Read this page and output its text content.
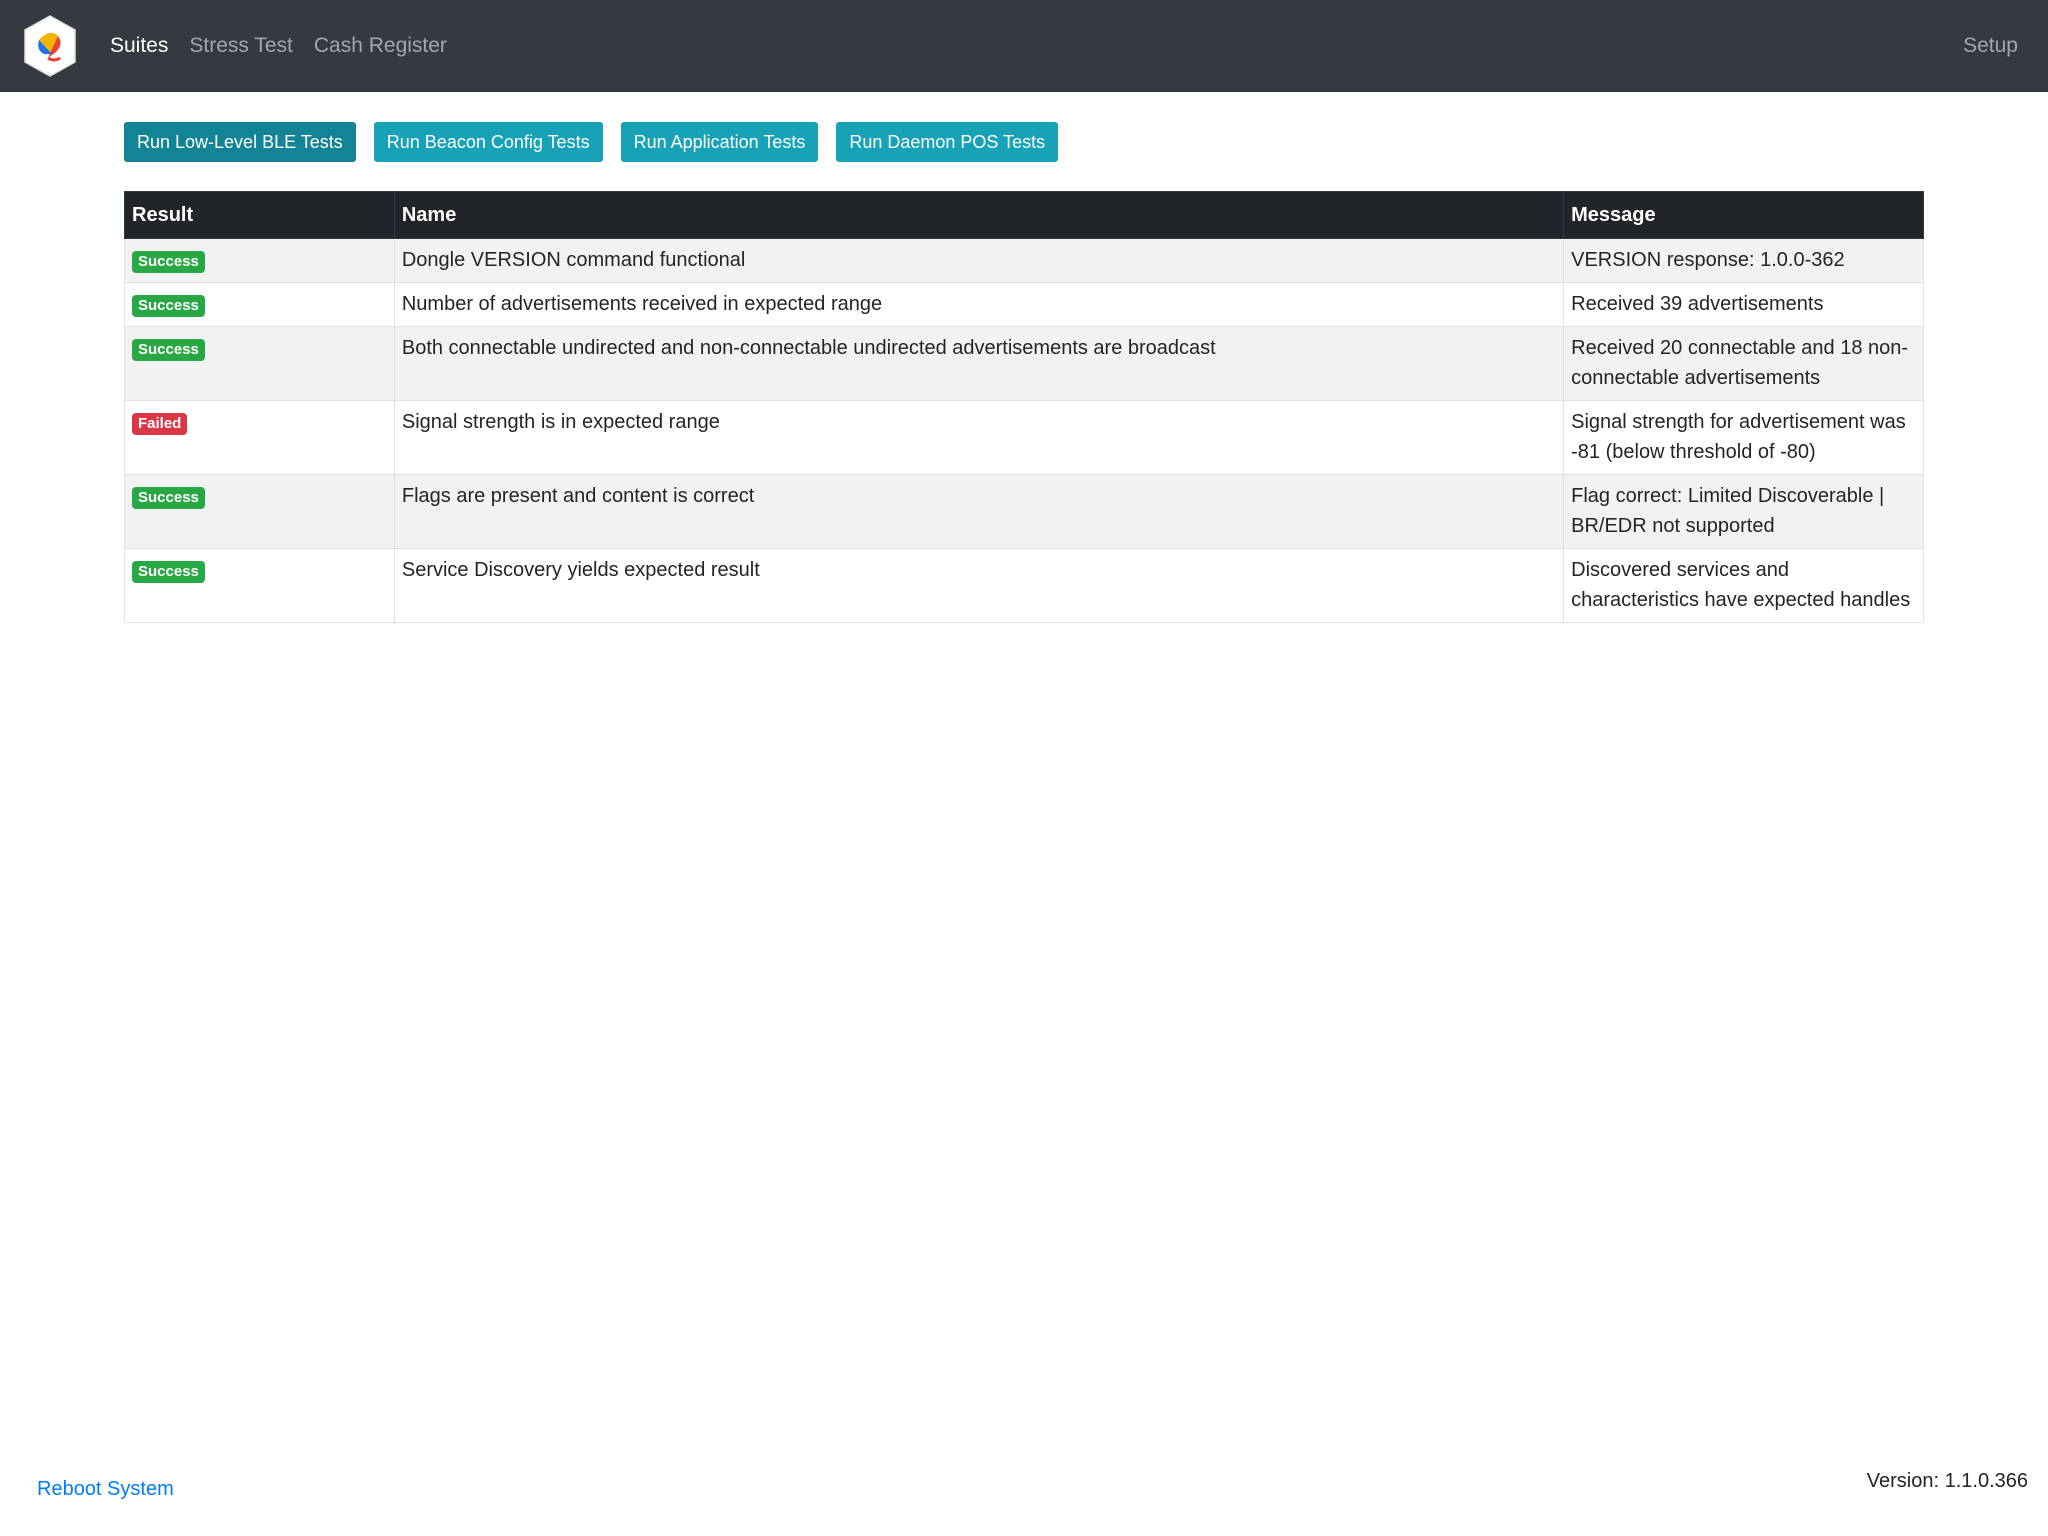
Suites Stress Test Cash Register	Setup
Run Low-Level BLE Tests	Run Beacon Config Tests	Run Application Tests	Run Daemon POS Tests
Result	Name	Message
Success	Dongle VERSION command functional	VERSION response: 1.0.0-362
Success	Number of advertisements received in expected range	Received 39 advertisements
Success	Both connectable undirected and non-connectable undirected advertisements are broadcast	Received 20 connectable and 18 non-connectable advertisements
Failed	Signal strength is in expected range	Signal strength for advertisement was -81 (below threshold of -80)
Success	Flags are present and content is correct	Flag correct: Limited Discoverable | BR/EDR not supported
Success	Service Discovery yields expected result	Discovered services and characteristics have expected handles
Reboot System	Version: 1.1.0.366
